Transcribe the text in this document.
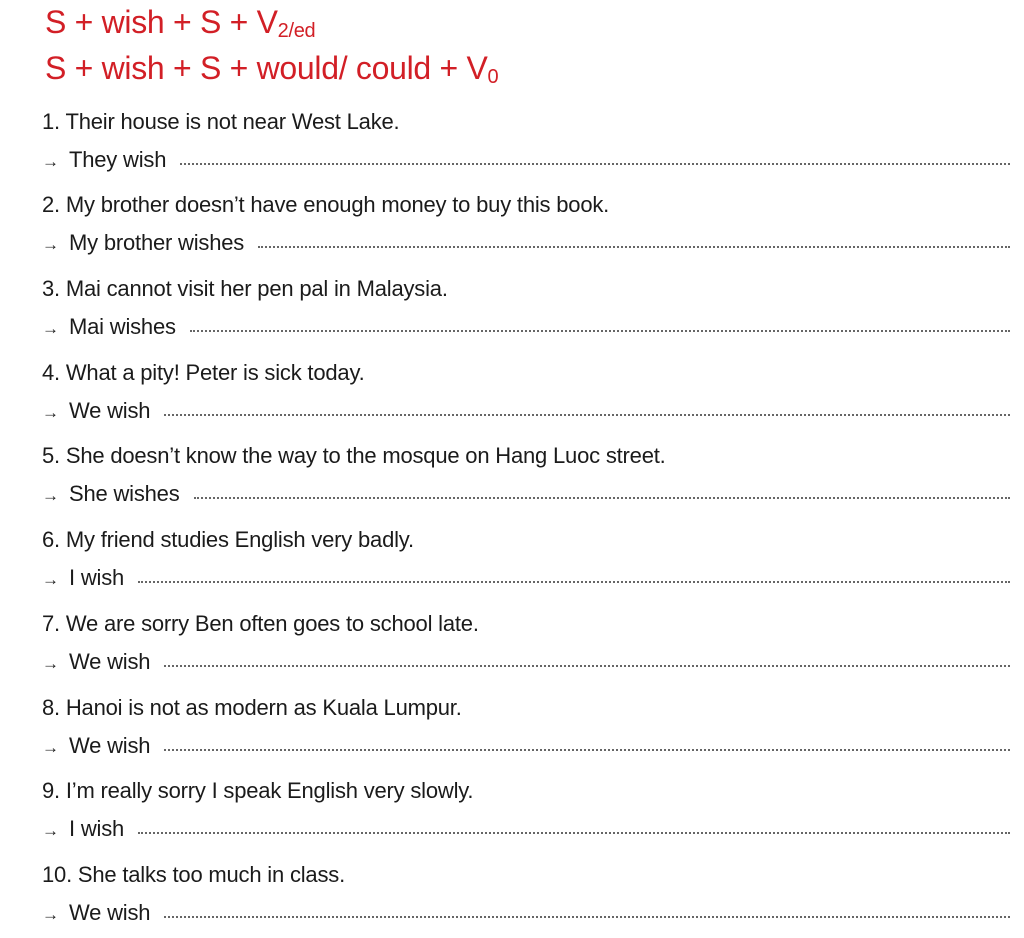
S + wish + $S + V_{2/ed}$
S + wish + S + would/ could + $V_0$
1. Their house is not near West Lake.
→ They wish
2. My brother doesn’t have enough money to buy this book.
→ My brother wishes
3. Mai cannot visit her pen pal in Malaysia.
→ Mai wishes
4. What a pity! Peter is sick today.
→ We wish
5. She doesn’t know the way to the mosque on Hang Luoc street.
→ She wishes
6. My friend studies English very badly.
→ I wish
7. We are sorry Ben often goes to school late.
→ We wish
8. Hanoi is not as modern as Kuala Lumpur.
→ We wish
9. I’m really sorry I speak English very slowly.
→ I wish
10. She talks too much in class.
→ We wish
